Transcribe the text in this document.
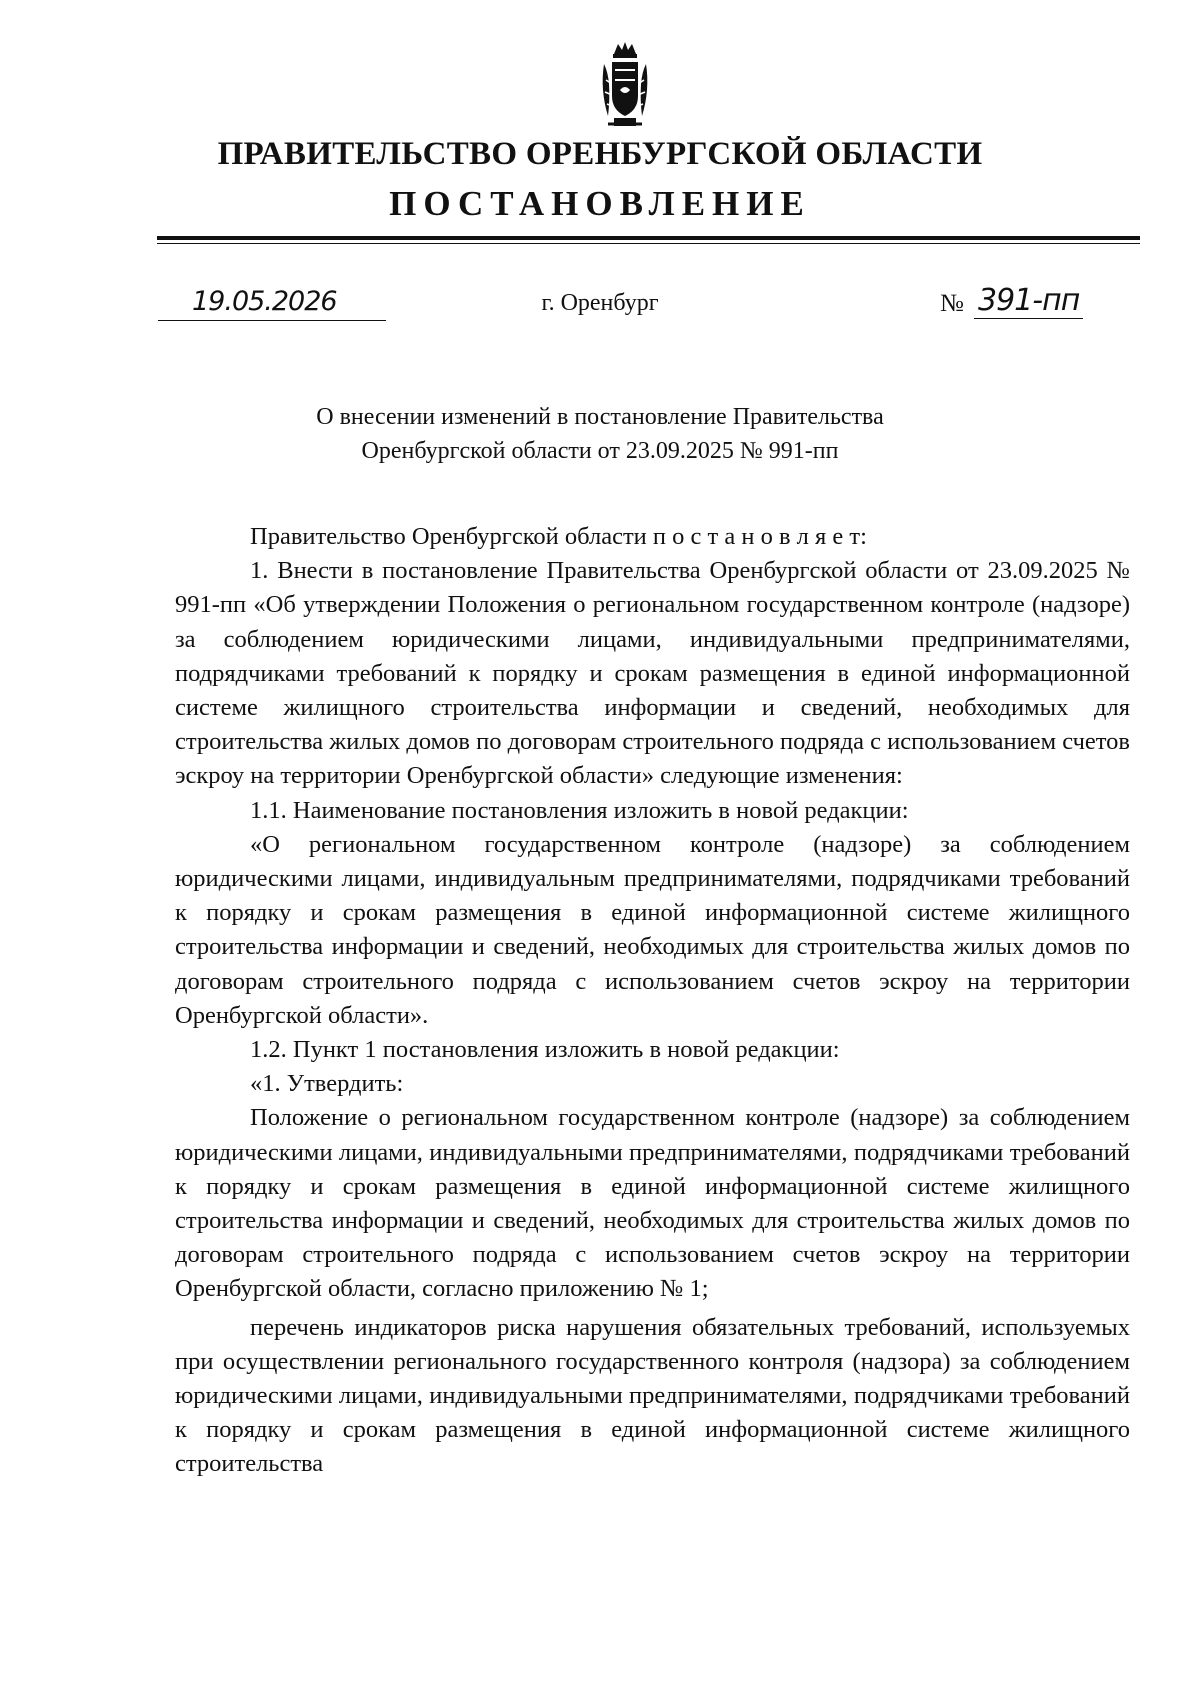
ПРАВИТЕЛЬСТВО ОРЕНБУРГСКОЙ ОБЛАСТИ
ПОСТАНОВЛЕНИЕ
19.05.2026	г. Оренбург	№ 391-пп
О внесении изменений в постановление Правительства
Оренбургской области от 23.09.2025 № 991-пп

Правительство Оренбургской области п о с т а н о в л я е т:

1. Внести в постановление Правительства Оренбургской области от 23.09.2025 № 991-пп «Об утверждении Положения о региональном государственном контроле (надзоре) за соблюдением юридическими лицами, индивидуальными предпринимателями, подрядчиками требований к порядку и срокам размещения в единой информационной системе жилищного строительства информации и сведений, необходимых для строительства жилых домов по договорам строительного подряда с использованием счетов эскроу на территории Оренбургской области» следующие изменения:

1.1. Наименование постановления изложить в новой редакции:

«О региональном государственном контроле (надзоре) за соблюдением юридическими лицами, индивидуальным предпринимателями, подрядчиками требований к порядку и срокам размещения в единой информационной системе жилищного строительства информации и сведений, необходимых для строительства жилых домов по договорам строительного подряда с использованием счетов эскроу на территории Оренбургской области».

1.2. Пункт 1 постановления изложить в новой редакции:

«1. Утвердить:

Положение о региональном государственном контроле (надзоре) за соблюдением юридическими лицами, индивидуальными предпринимателями, подрядчиками требований к порядку и срокам размещения в единой информационной системе жилищного строительства информации и сведений, необходимых для строительства жилых домов по договорам строительного подряда с использованием счетов эскроу на территории Оренбургской области, согласно приложению № 1;

перечень индикаторов риска нарушения обязательных требований, используемых при осуществлении регионального государственного контроля (надзора) за соблюдением юридическими лицами, индивидуальными предпринимателями, подрядчиками требований к порядку и срокам размещения в единой информационной системе жилищного строительства
